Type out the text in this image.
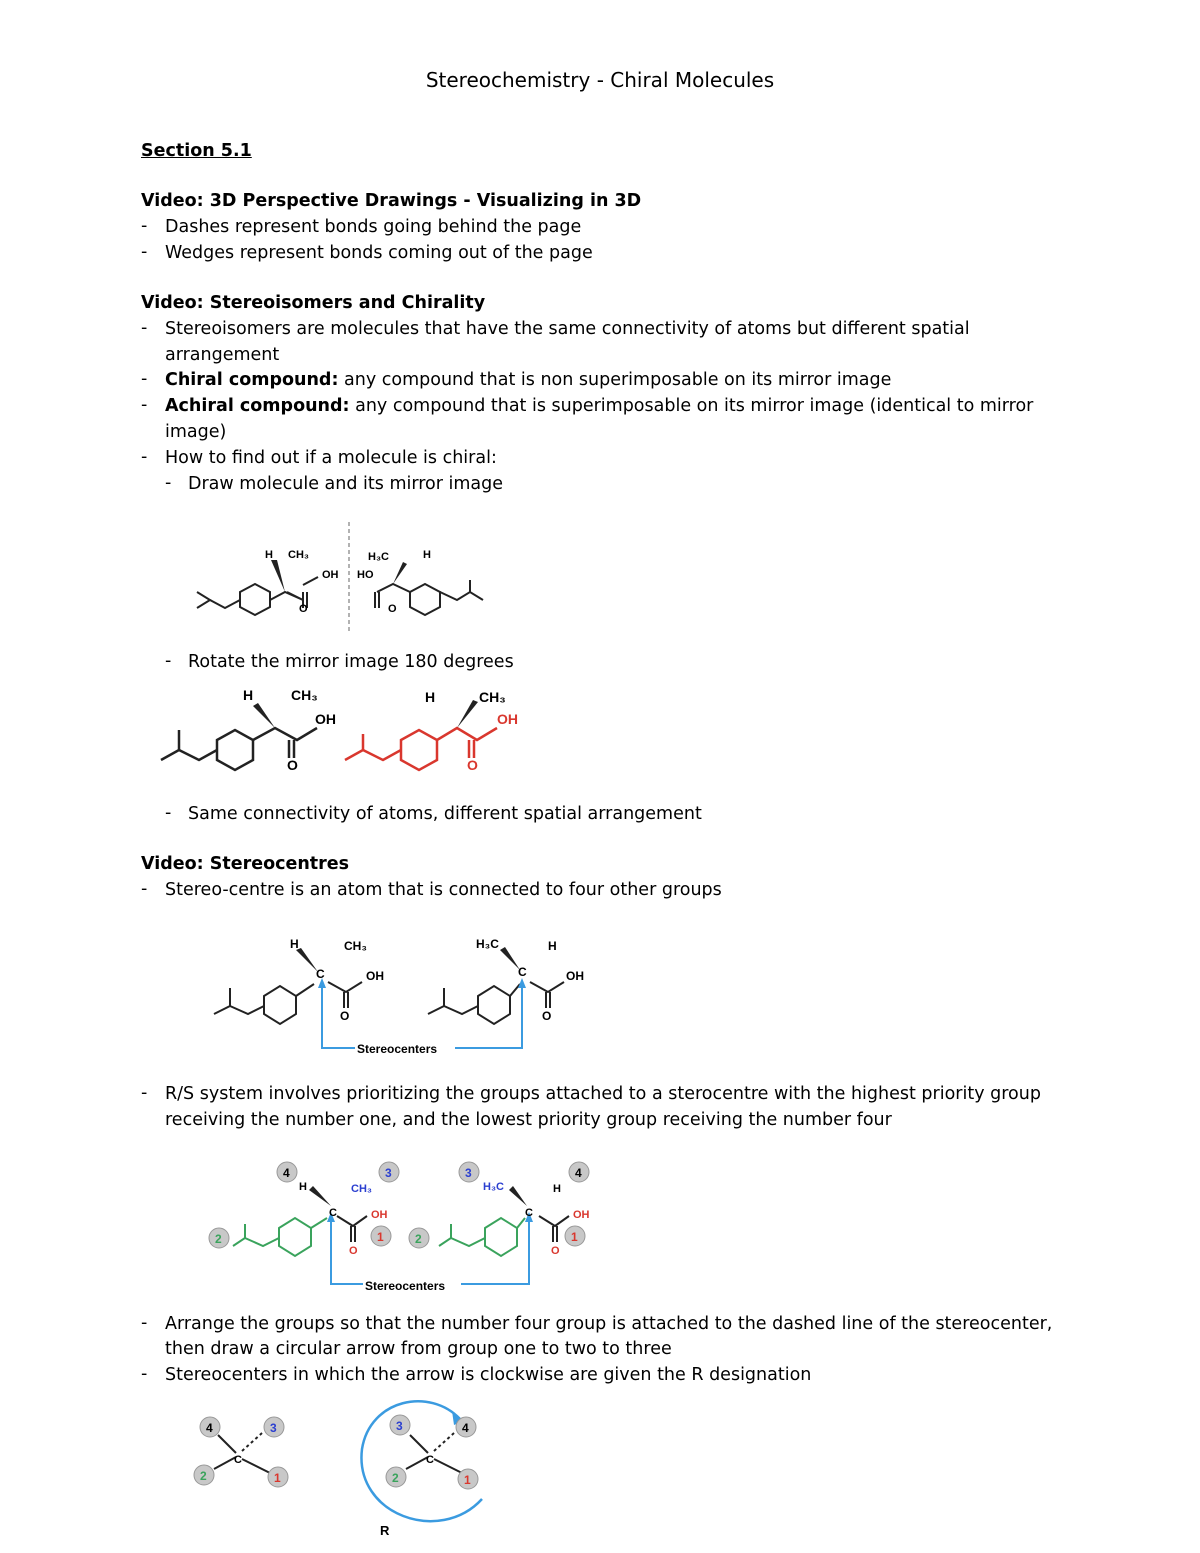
Stereochemistry - Chiral Molecules
Section 5.1
Video: 3D Perspective Drawings - Visualizing in 3D
- Dashes represent bonds going behind the page
- Wedges represent bonds coming out of the page
Video: Stereoisomers and Chirality
- Stereoisomers are molecules that have the same connectivity of atoms but different spatial
arrangement
- Chiral compound: any compound that is non superimposable on its mirror image
- Achiral compound: any compound that is superimposable on its mirror image (identical to mirror
image)
- How to find out if a molecule is chiral:
- Draw molecule and its mirror image
H CH₃
OH
O
H₃C	H
HO
O
- Rotate the mirror image 180 degrees
H	CH₃
OH
O
H	CH₃
OH
O
- Same connectivity of atoms, different spatial arrangement
Video: Stereocentres
- Stereo-centre is an atom that is connected to four other groups
H	CH₃
C	OH
O
H₃C	H
C	OH
O
Stereocenters
- R/S system involves prioritizing the groups attached to a sterocentre with the highest priority group
receiving the number one, and the lowest priority group receiving the number four
4	3
2	1
3	4
2	1
H	CH₃
C	OH
O
H₃C	H
C	OH
O
Stereocenters
- Arrange the groups so that the number four group is attached to the dashed line of the stereocenter,
then draw a circular arrow from group one to two to three
- Stereocenters in which the arrow is clockwise are given the R designation
4	3
2	1
3	4
2	1
C	C
R
